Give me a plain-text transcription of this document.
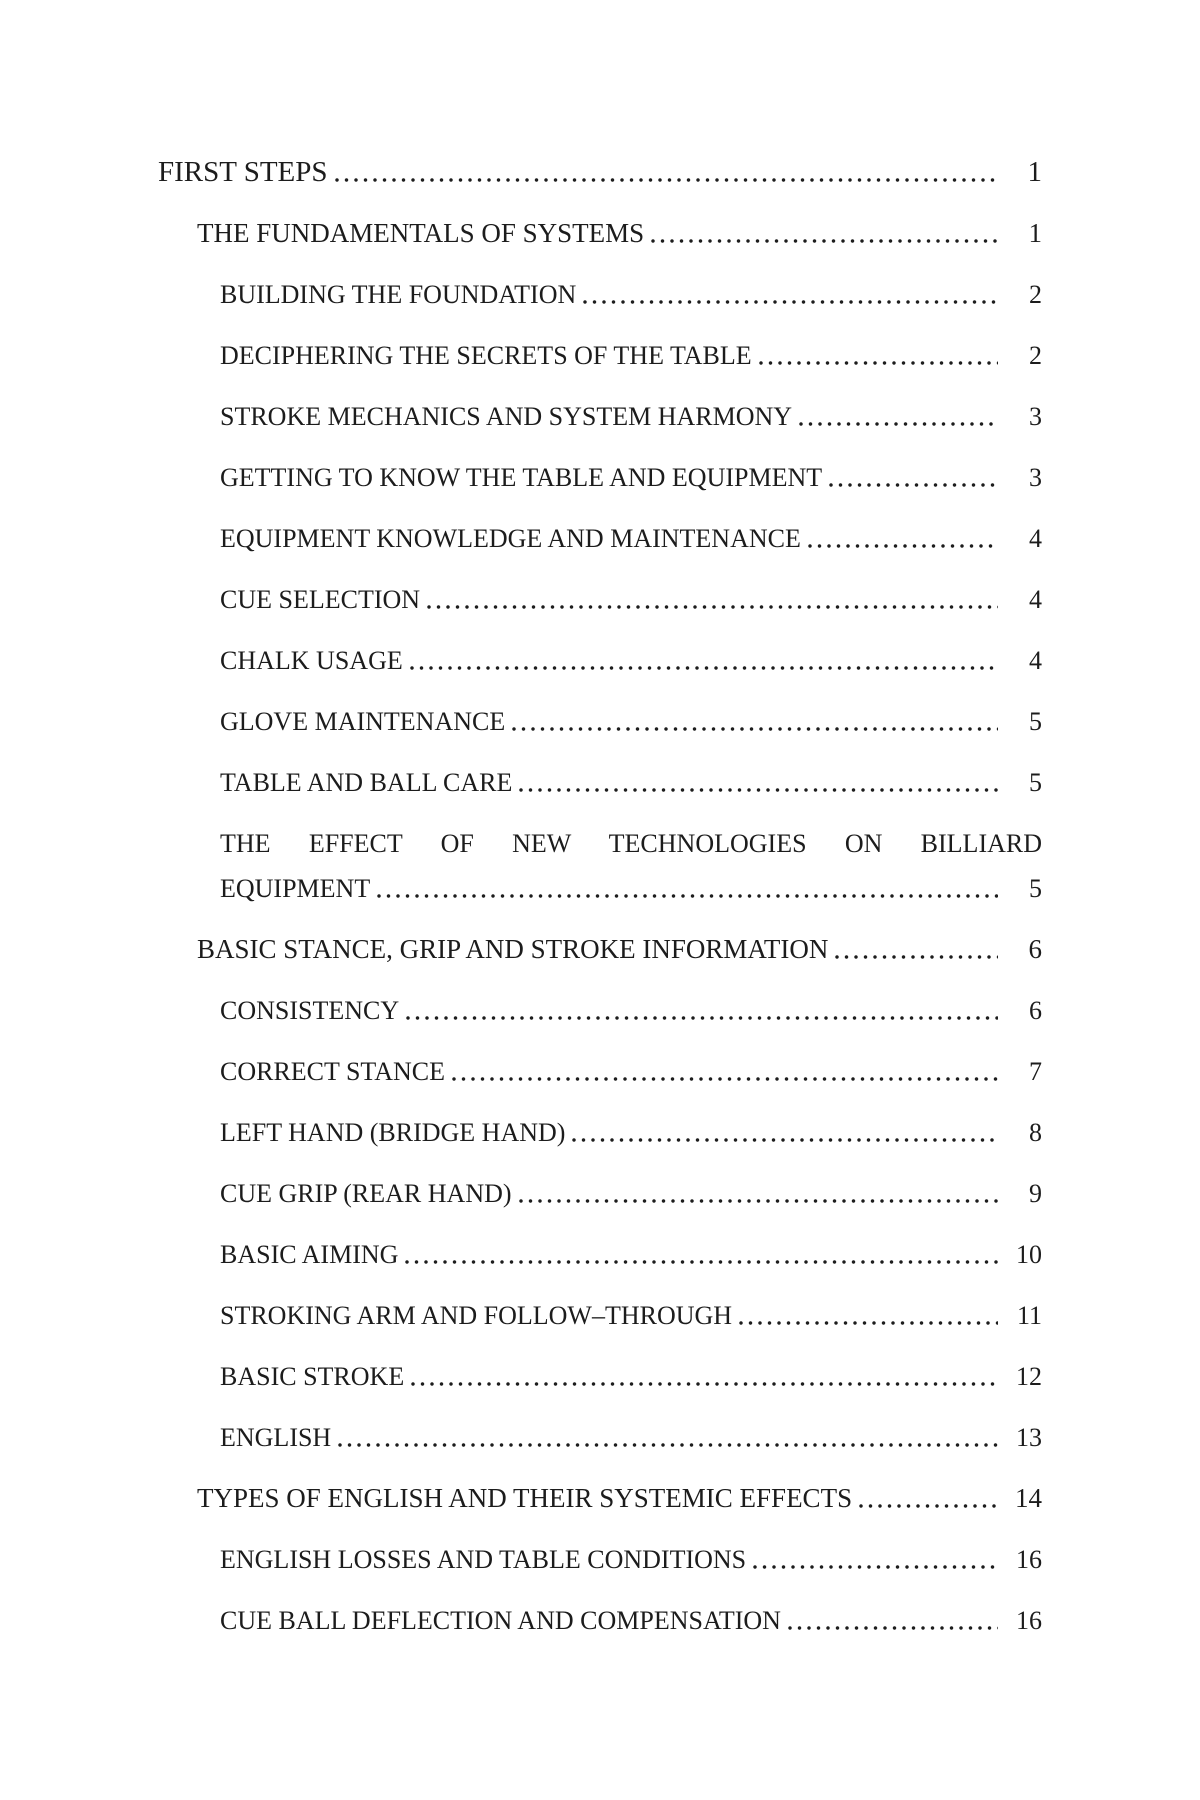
FIRST STEPS	1
THE FUNDAMENTALS OF SYSTEMS	1
BUILDING THE FOUNDATION	2
DECIPHERING THE SECRETS OF THE TABLE	2
STROKE MECHANICS AND SYSTEM HARMONY	3
GETTING TO KNOW THE TABLE AND EQUIPMENT	3
EQUIPMENT KNOWLEDGE AND MAINTENANCE	4
CUE SELECTION	4
CHALK USAGE	4
GLOVE MAINTENANCE	5
TABLE AND BALL CARE	5
THE EFFECT OF NEW TECHNOLOGIES ON BILLIARD
EQUIPMENT	5
BASIC STANCE, GRIP AND STROKE INFORMATION	6
CONSISTENCY	6
CORRECT STANCE	7
LEFT HAND (BRIDGE HAND)	8
CUE GRIP (REAR HAND)	9
BASIC AIMING	10
STROKING ARM AND FOLLOW–THROUGH	11
BASIC STROKE	12
ENGLISH	13
TYPES OF ENGLISH AND THEIR SYSTEMIC EFFECTS	14
ENGLISH LOSSES AND TABLE CONDITIONS	16
CUE BALL DEFLECTION AND COMPENSATION	16
